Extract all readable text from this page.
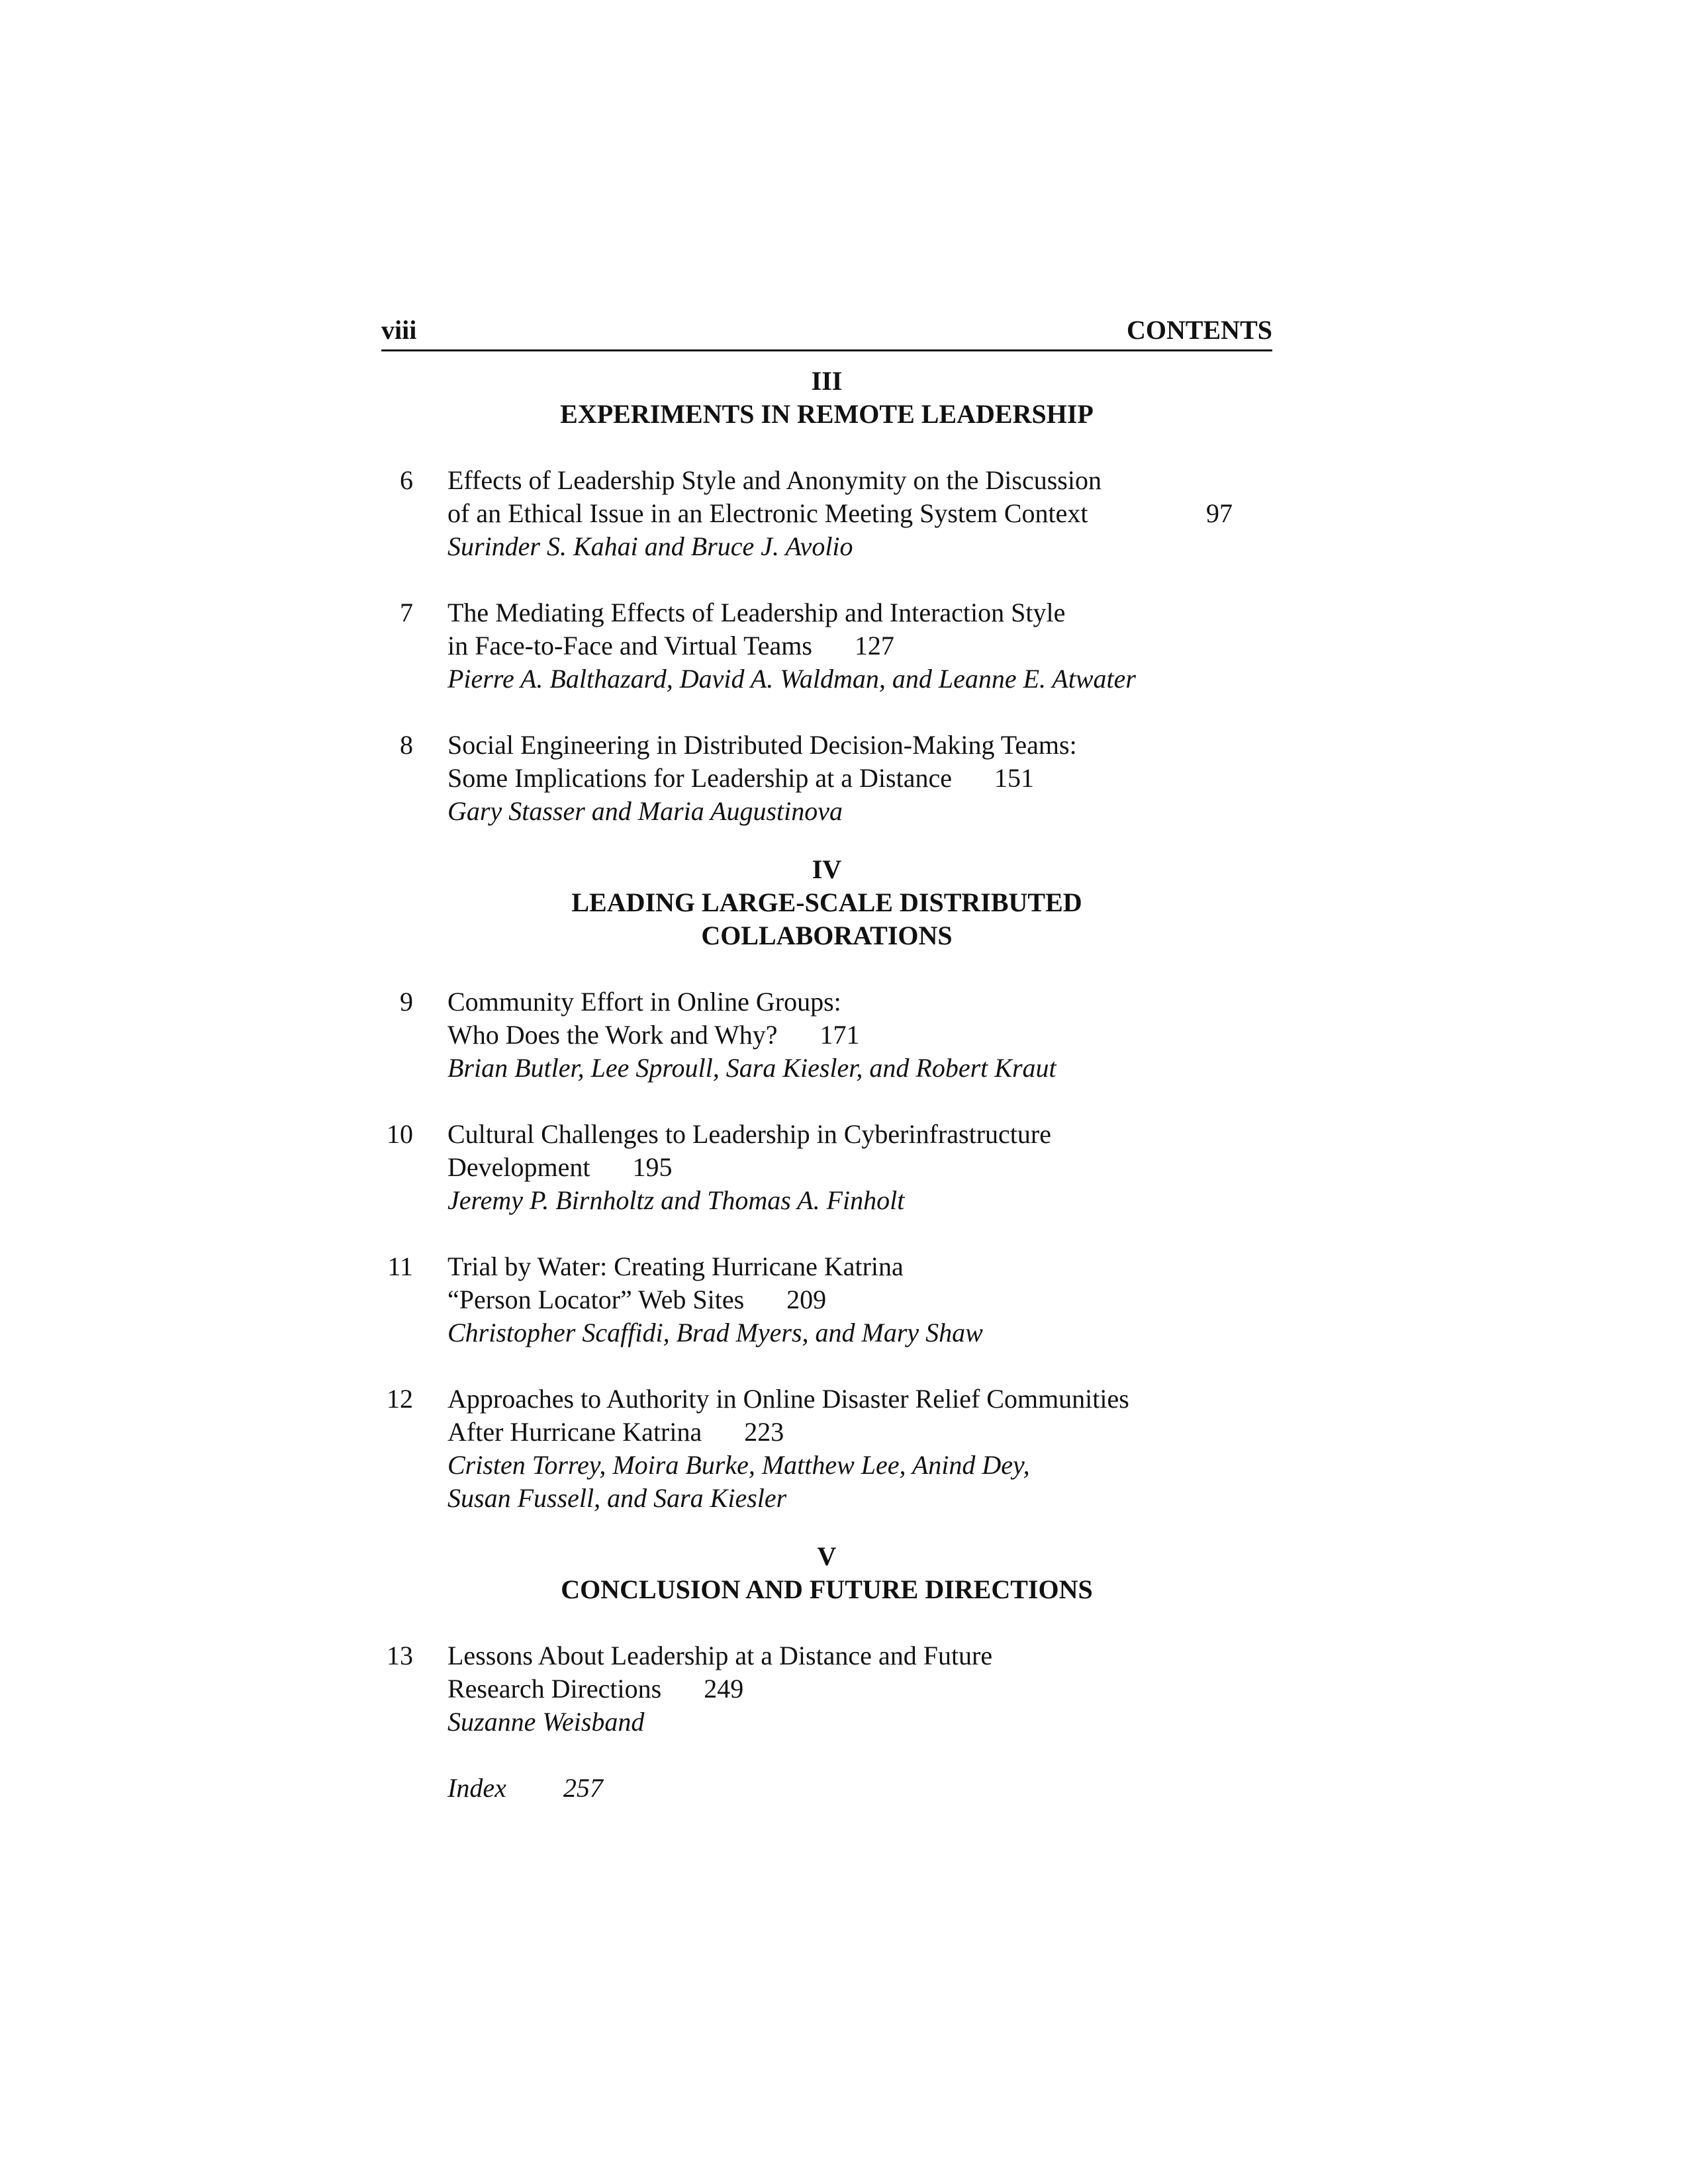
viii	CONTENTS
III
EXPERIMENTS IN REMOTE LEADERSHIP
6 Effects of Leadership Style and Anonymity on the Discussion
of an Ethical Issue in an Electronic Meeting System Context	97
Surinder S. Kahai and Bruce J. Avolio
7 The Mediating Effects of Leadership and Interaction Style
in Face-to-Face and Virtual Teams 127
Pierre A. Balthazard, David A. Waldman, and Leanne E. Atwater
8 Social Engineering in Distributed Decision-Making Teams:
Some Implications for Leadership at a Distance 151
Gary Stasser and Maria Augustinova
IV
LEADING LARGE-SCALE DISTRIBUTED
COLLABORATIONS
9 Community Effort in Online Groups:
Who Does the Work and Why? 171
Brian Butler, Lee Sproull, Sara Kiesler, and Robert Kraut
10 Cultural Challenges to Leadership in Cyberinfrastructure
Development 195
Jeremy P. Birnholtz and Thomas A. Finholt
11 Trial by Water: Creating Hurricane Katrina
“Person Locator” Web Sites 209
Christopher Scaffidi, Brad Myers, and Mary Shaw
12 Approaches to Authority in Online Disaster Relief Communities
After Hurricane Katrina 223
Cristen Torrey, Moira Burke, Matthew Lee, Anind Dey,
Susan Fussell, and Sara Kiesler
V
CONCLUSION AND FUTURE DIRECTIONS
13 Lessons About Leadership at a Distance and Future
Research Directions 249
Suzanne Weisband
Index 257
